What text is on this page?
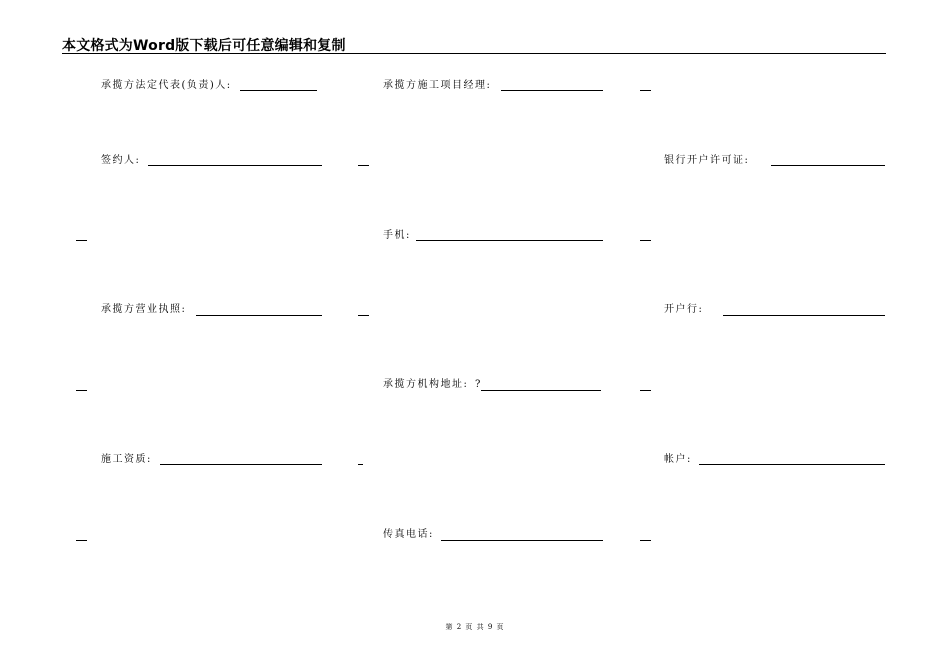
本文格式为Word版下载后可任意编辑和复制
承揽方法定代表(负责)人:	承揽方施工项目经理:
签约人:	银行开户许可证:
手机:
承揽方营业执照:	开户行:
承揽方机构地址: ?
施工资质:	帐户:
传真电话:
第 2 页 共 9 页
